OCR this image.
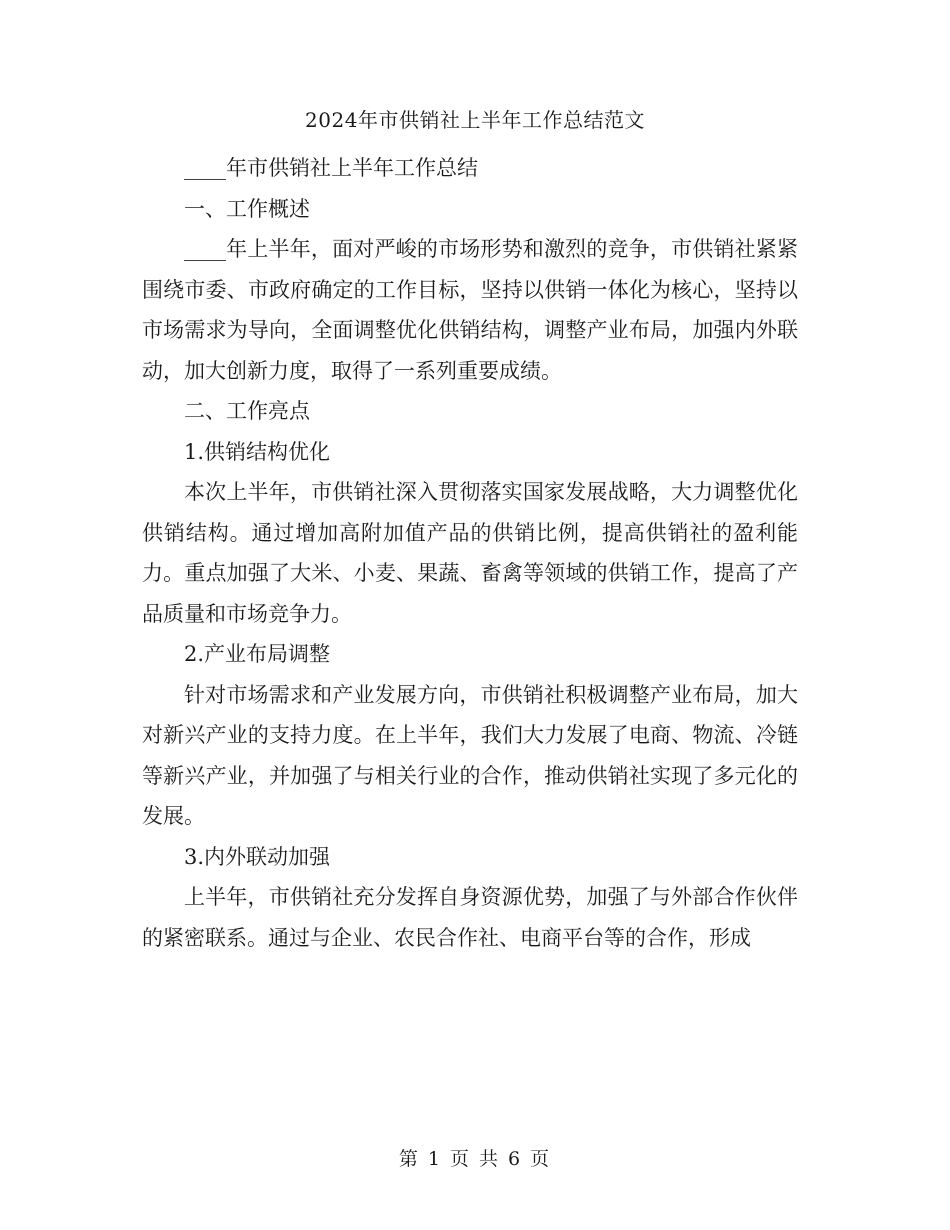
2024年市供销社上半年工作总结范文

____年市供销社上半年工作总结

一、工作概述

____年上半年，面对严峻的市场形势和激烈的竞争，市供销社紧紧围绕市委、市政府确定的工作目标，坚持以供销一体化为核心，坚持以市场需求为导向，全面调整优化供销结构，调整产业布局，加强内外联动，加大创新力度，取得了一系列重要成绩。

二、工作亮点

1.供销结构优化

本次上半年，市供销社深入贯彻落实国家发展战略，大力调整优化供销结构。通过增加高附加值产品的供销比例，提高供销社的盈利能力。重点加强了大米、小麦、果蔬、畜禽等领域的供销工作，提高了产品质量和市场竞争力。

2.产业布局调整

针对市场需求和产业发展方向，市供销社积极调整产业布局，加大对新兴产业的支持力度。在上半年，我们大力发展了电商、物流、冷链等新兴产业，并加强了与相关行业的合作，推动供销社实现了多元化的发展。

3.内外联动加强

上半年，市供销社充分发挥自身资源优势，加强了与外部合作伙伴的紧密联系。通过与企业、农民合作社、电商平台等的合作，形成

第 1 页 共 6 页
